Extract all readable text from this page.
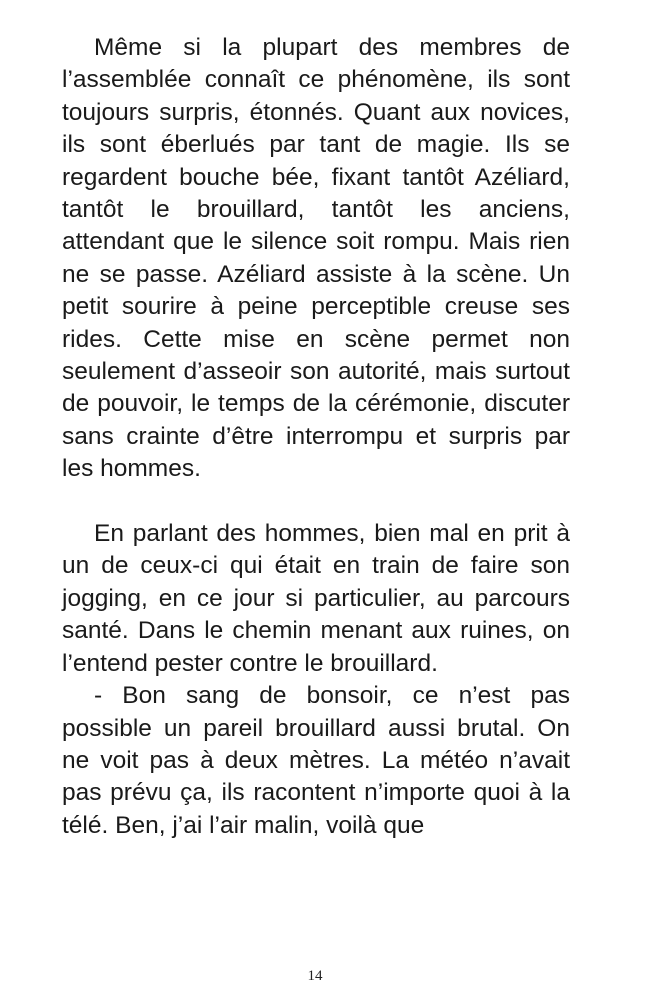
Même si la plupart des membres de l’assemblée connaît ce phénomène, ils sont toujours surpris, étonnés. Quant aux novices, ils sont éberlués par tant de magie. Ils se regardent bouche bée, fixant tantôt Azéliard, tantôt le brouillard, tantôt les anciens, attendant que le silence soit rompu. Mais rien ne se passe. Azéliard assiste à la scène. Un petit sourire à peine perceptible creuse ses rides. Cette mise en scène permet non seulement d’asseoir son autorité, mais surtout de pouvoir, le temps de la cérémonie, discuter sans crainte d’être interrompu et surpris par les hommes.

En parlant des hommes, bien mal en prit à un de ceux-ci qui était en train de faire son jogging, en ce jour si particulier, au parcours santé. Dans le chemin menant aux ruines, on l’entend pester contre le brouillard.

- Bon sang de bonsoir, ce n’est pas possible un pareil brouillard aussi brutal. On ne voit pas à deux mètres. La météo n’avait pas prévu ça, ils racontent n’importe quoi à la télé. Ben, j’ai l’air malin, voilà que

14
